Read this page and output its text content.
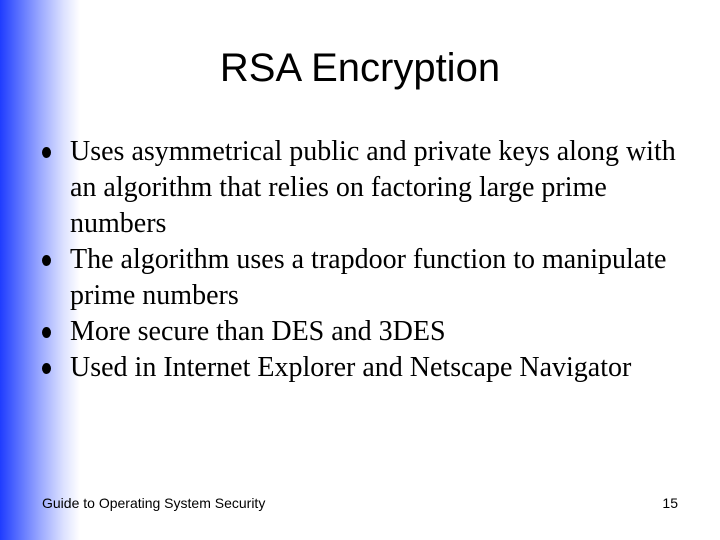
RSA Encryption
Uses asymmetrical public and private keys along with an algorithm that relies on factoring large prime numbers
The algorithm uses a trapdoor function to manipulate prime numbers
More secure than DES and 3DES
Used in Internet Explorer and Netscape Navigator
Guide to Operating System Security	15
